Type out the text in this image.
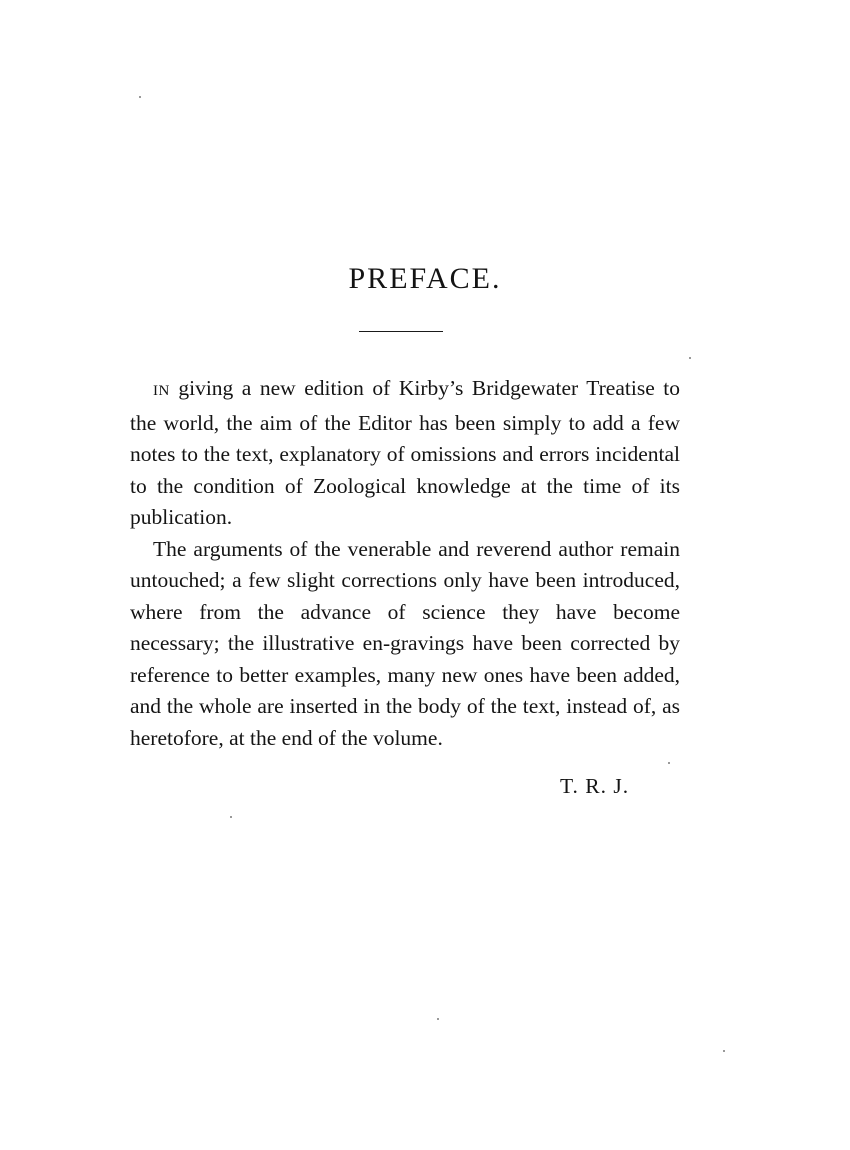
PREFACE.

IN giving a new edition of Kirby’s Bridgewater Treatise to the world, the aim of the Editor has been simply to add a few notes to the text, explanatory of omissions and errors incidental to the condition of Zoological knowledge at the time of its publication.

The arguments of the venerable and reverend author remain untouched; a few slight corrections only have been introduced, where from the advance of science they have become necessary; the illustrative en-gravings have been corrected by reference to better examples, many new ones have been added, and the whole are inserted in the body of the text, instead of, as heretofore, at the end of the volume.

T. R. J.
